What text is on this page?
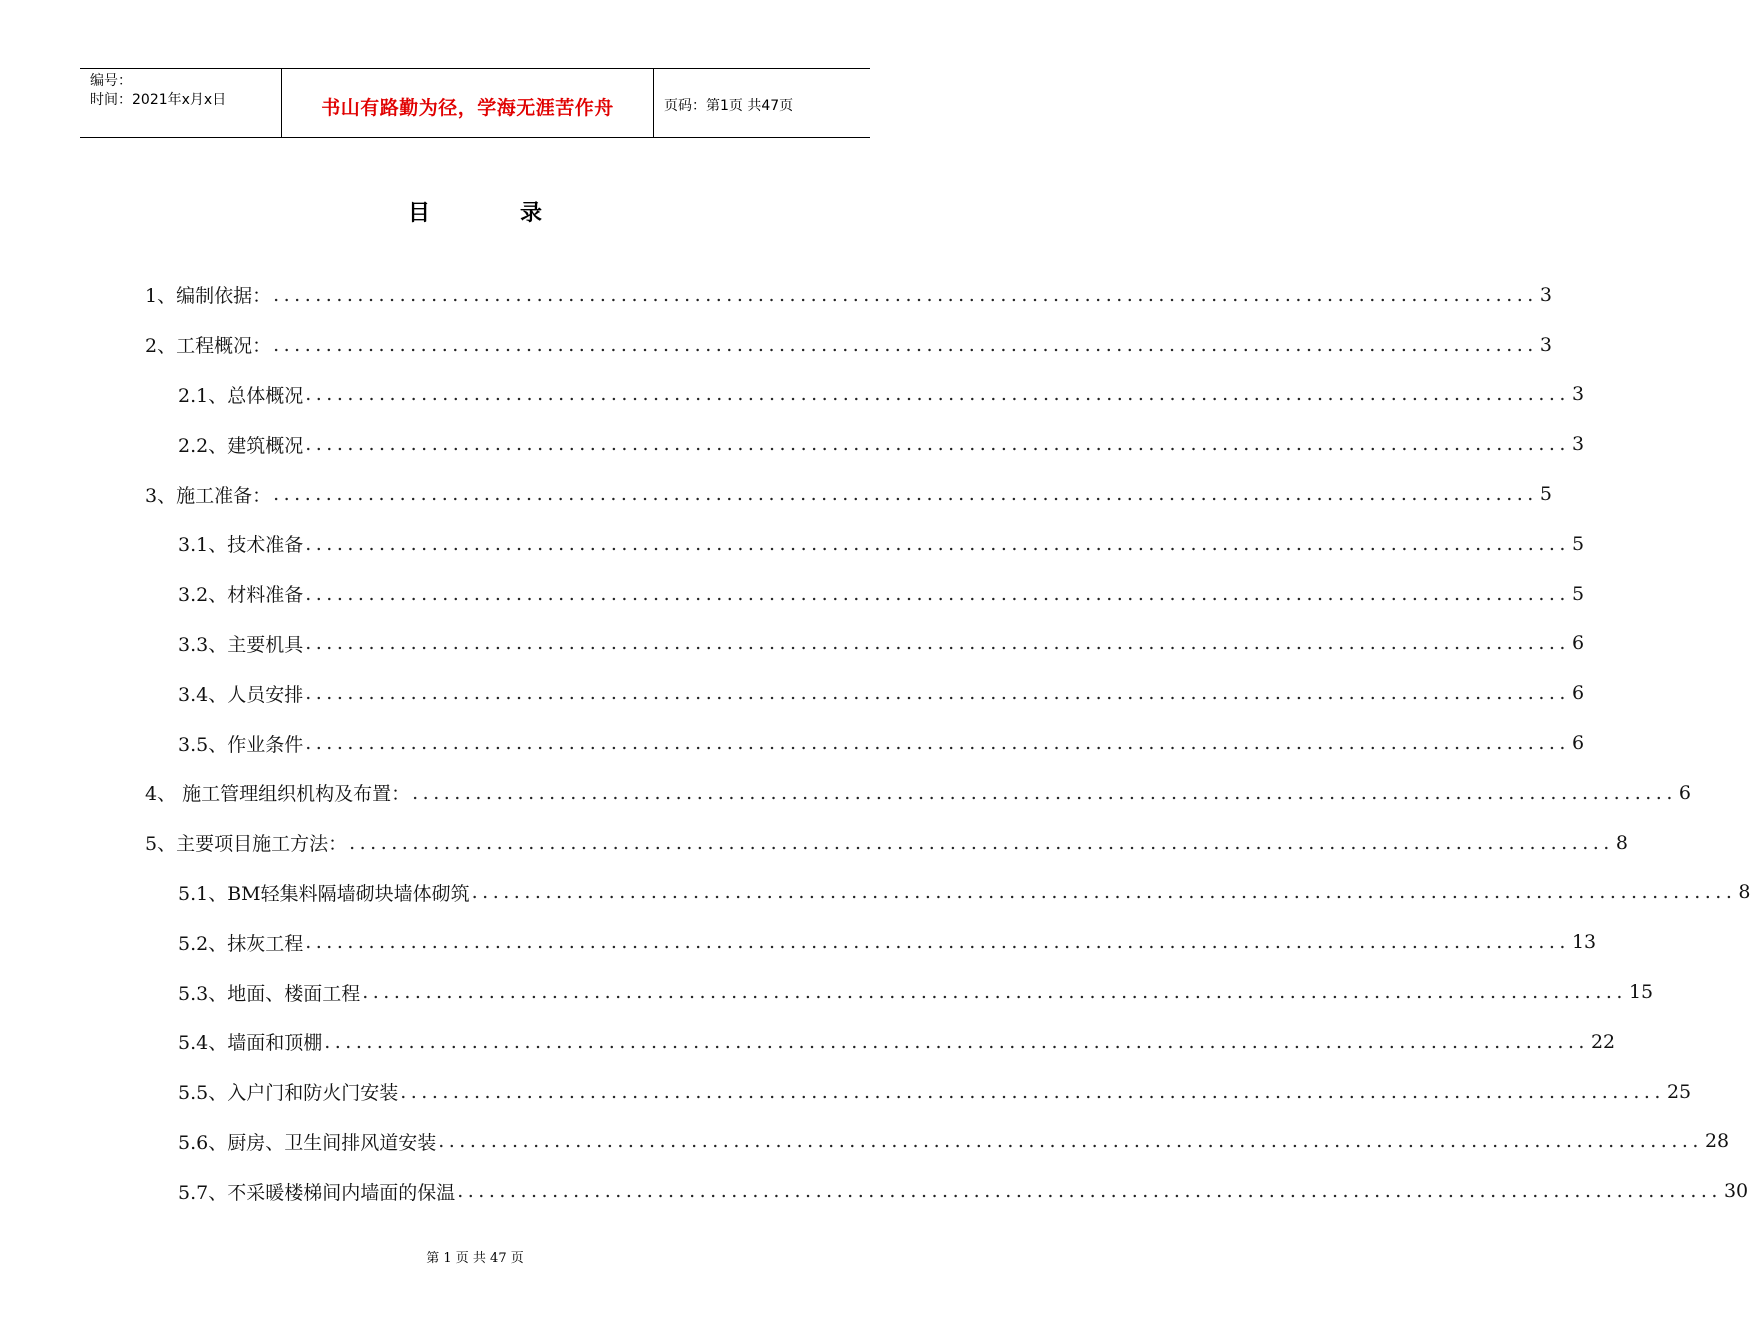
编号：
时间：2021年x月x日	书山有路勤为径，学海无涯苦作舟	页码：第1页 共47页
目录
1、编制依据： ........................................................................................................................ 3
2、工程概况： ........................................................................................................................ 3
2.1、总体概况 ........................................................................................................................ 3
2.2、建筑概况 ........................................................................................................................ 3
3、施工准备： ........................................................................................................................ 5
3.1、技术准备 ........................................................................................................................ 5
3.2、材料准备 ........................................................................................................................ 5
3.3、主要机具 ........................................................................................................................ 6
3.4、人员安排 ........................................................................................................................ 6
3.5、作业条件 ........................................................................................................................ 6
4、 施工管理组织机构及布置： ........................................................................................................................ 6
5、主要项目施工方法： ........................................................................................................................ 8
5.1、BM轻集料隔墙砌块墙体砌筑 ........................................................................................................................ 8
5.2、抹灰工程 ........................................................................................................................ 13
5.3、地面、楼面工程 ........................................................................................................................ 15
5.4、墙面和顶棚 ........................................................................................................................ 22
5.5、入户门和防火门安装 ........................................................................................................................ 25
5.6、厨房、卫生间排风道安装 ........................................................................................................................ 28
5.7、不采暖楼梯间内墙面的保温 ........................................................................................................................ 30
第 1 页 共 47 页
